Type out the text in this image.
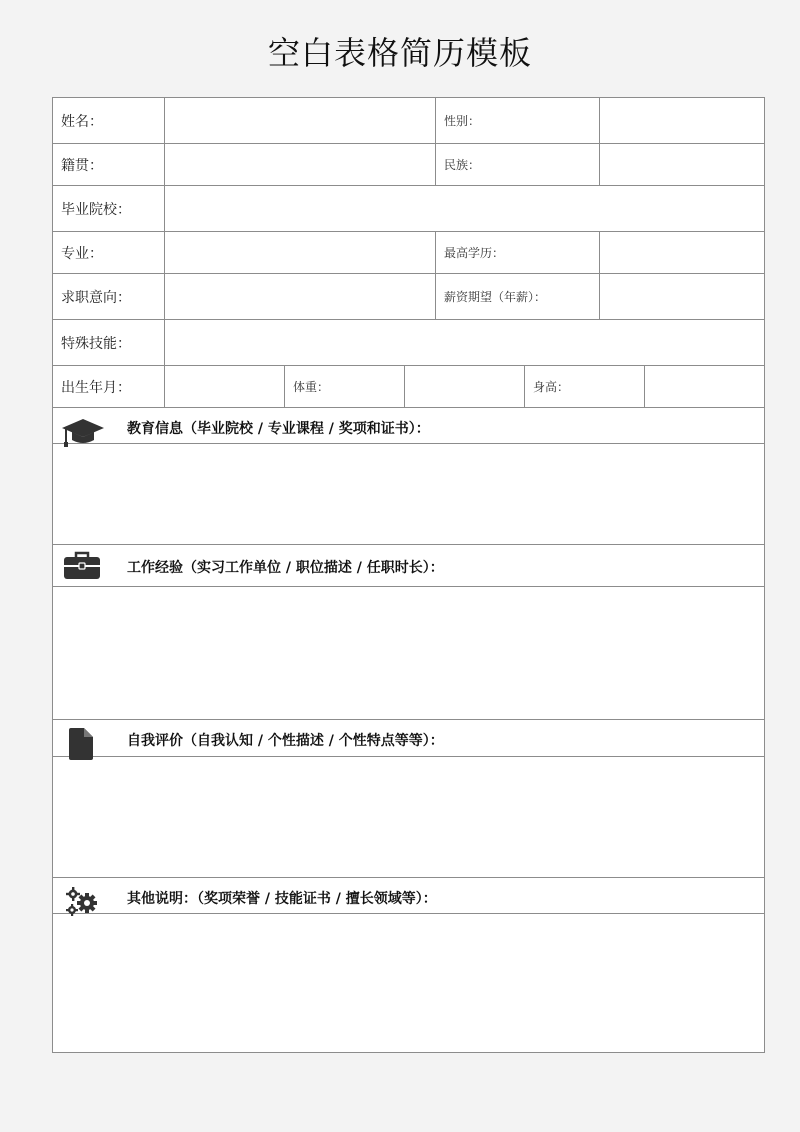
空白表格简历模板
姓名：	性别：
籍贯：	民族：
毕业院校：
专业：	最高学历：
求职意向：	薪资期望（年薪）：
特殊技能：
出生年月：	体重：	身高：
教育信息（毕业院校 / 专业课程 / 奖项和证书）：
工作经验（实习工作单位 / 职位描述 / 任职时长）：
自我评价（自我认知 / 个性描述 / 个性特点等等）：
其他说明：（奖项荣誉 / 技能证书 / 擅长领域等）：
